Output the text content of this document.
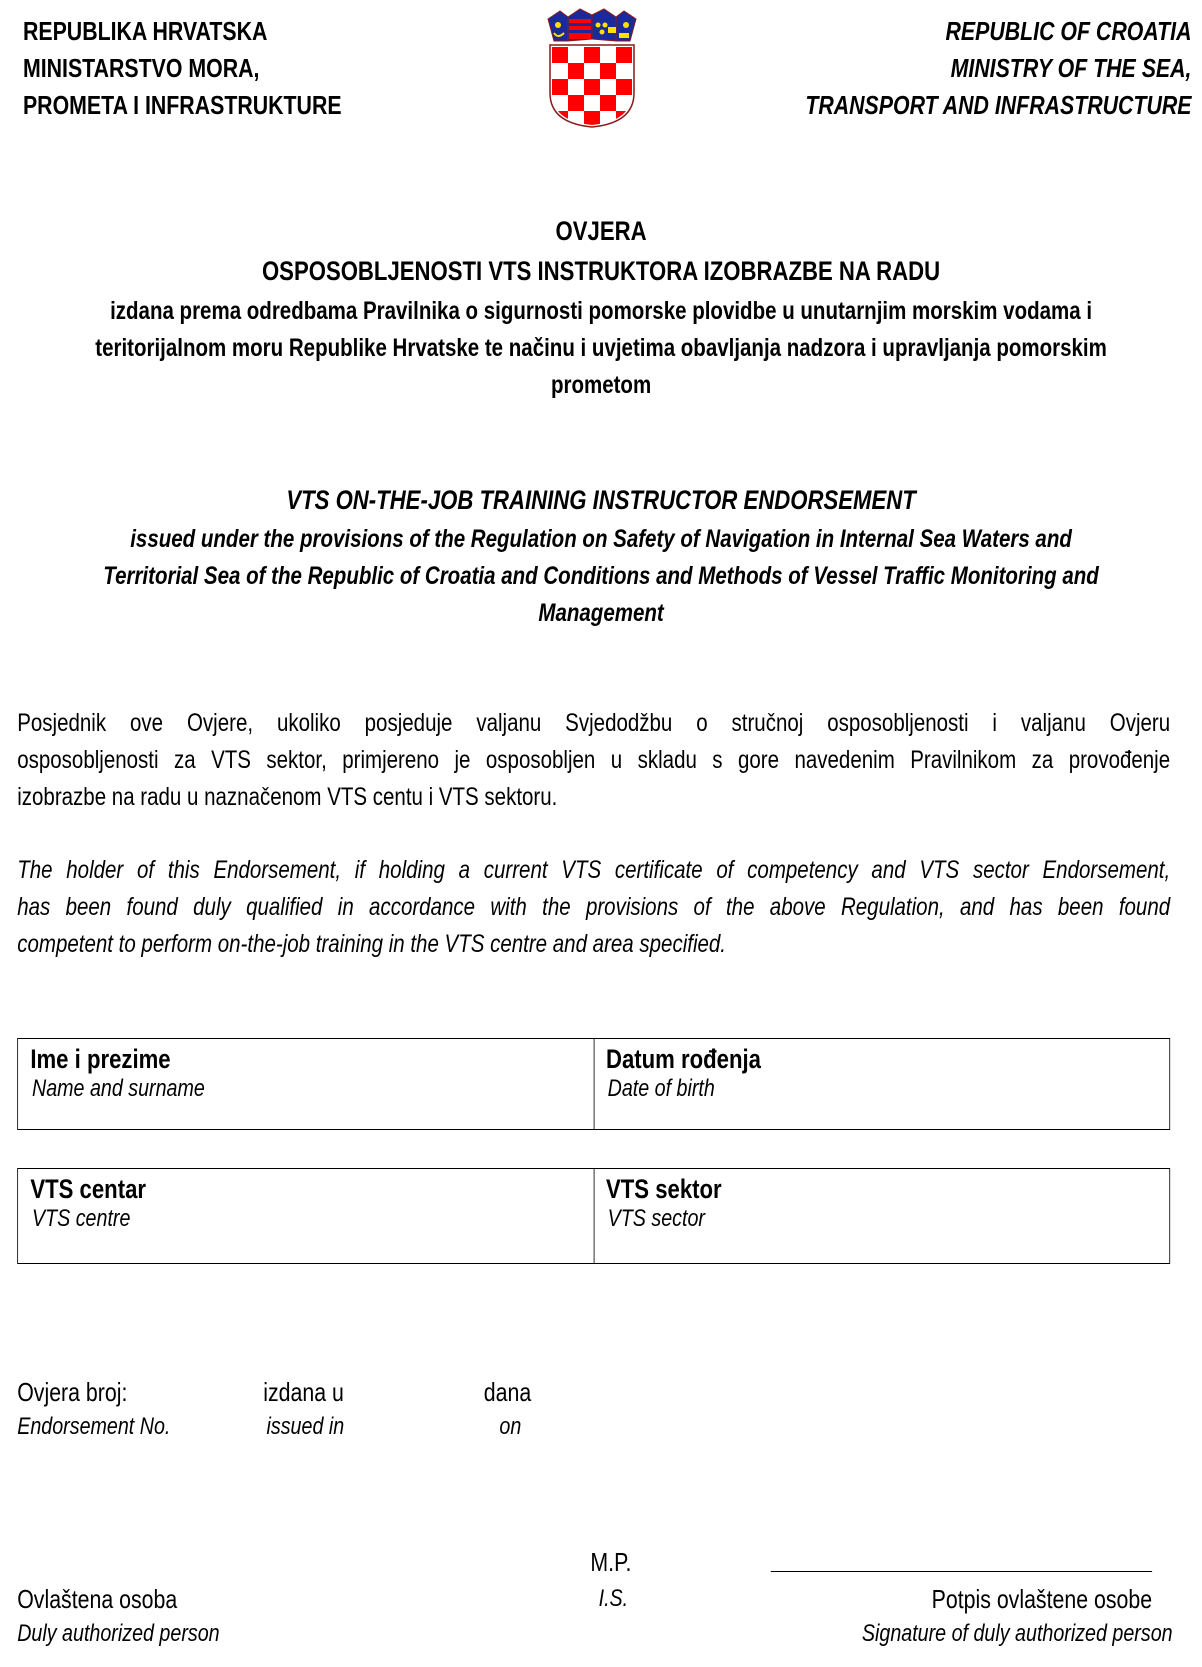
REPUBLIKA HRVATSKA
MINISTARSTVO MORA,
PROMETA I INFRASTRUKTURE
REPUBLIC OF CROATIA
MINISTRY OF THE SEA,
TRANSPORT AND INFRASTRUCTURE
OVJERA
OSPOSOBLJENOSTI VTS INSTRUKTORA IZOBRAZBE NA RADU
izdana prema odredbama Pravilnika o sigurnosti pomorske plovidbe u unutarnjim morskim vodama i
teritorijalnom moru Republike Hrvatske te načinu i uvjetima obavljanja nadzora i upravljanja pomorskim
prometom
VTS ON-THE-JOB TRAINING INSTRUCTOR ENDORSEMENT
issued under the provisions of the Regulation on Safety of Navigation in Internal Sea Waters and
Territorial Sea of the Republic of Croatia and Conditions and Methods of Vessel Traffic Monitoring and
Management
Posjednik ove Ovjere, ukoliko posjeduje valjanu Svjedodžbu o stručnoj osposobljenosti i valjanu Ovjeru
osposobljenosti za VTS sektor, primjereno je osposobljen u skladu s gore navedenim Pravilnikom za provođenje
izobrazbe na radu u naznačenom VTS centu i VTS sektoru.
The holder of this Endorsement, if holding a current VTS certificate of competency and VTS sector Endorsement,
has been found duly qualified in accordance with the provisions of the above Regulation, and has been found
competent to perform on-the-job training in the VTS centre and area specified.
Ime i prezime
Name and surname
Datum rođenja
Date of birth
VTS centar
VTS centre
VTS sektor
VTS sector
Ovjera broj:
Endorsement No.
izdana u
issued in
dana
on
M.P.
I.S.
Ovlaštena osoba
Duly authorized person
Potpis ovlaštene osobe
Signature of duly authorized person
